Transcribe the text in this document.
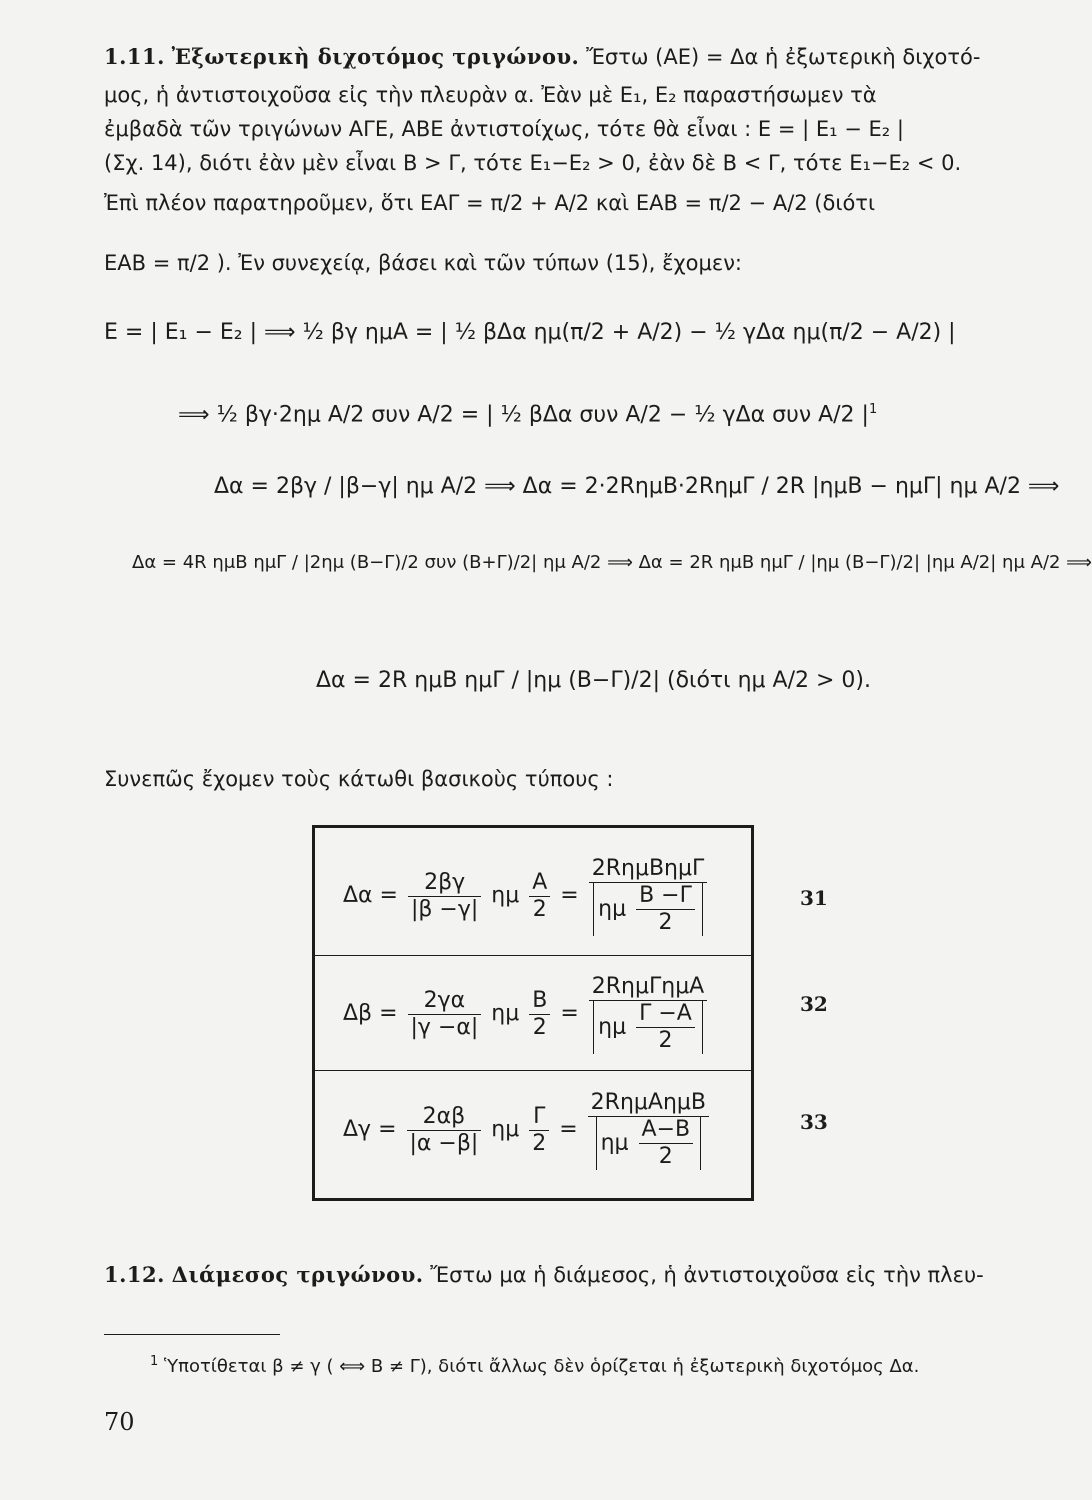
1.11. Ἐξωτερικὴ διχοτόμος τριγώνου. Ἔστω (ΑΕ) = Δα ἡ ἐξωτερικὴ διχοτό-
μος, ἡ ἀντιστοιχοῦσα εἰς τὴν πλευρὰν α. Ἐὰν μὲ Ε₁, Ε₂ παραστήσωμεν τὰ
ἐμβαδὰ τῶν τριγώνων ΑΓΕ, ΑΒΕ ἀντιστοίχως, τότε θὰ εἶναι : Ε = | Ε₁ − Ε₂ |
(Σχ. 14), διότι ἐὰν μὲν εἶναι Β > Γ, τότε Ε₁−Ε₂ > 0, ἐὰν δὲ Β < Γ, τότε Ε₁−Ε₂ < 0.
Ἐπὶ πλέον παρατηροῦμεν, ὅτι ΕΑΓ = π/2 + Α/2 καὶ ΕΑΒ = π/2 − Α/2 (διότι
ΕΑΒ = π/2 ). Ἐν συνεχείᾳ, βάσει καὶ τῶν τύπων (15), ἔχομεν:
Ε = | Ε₁ − Ε₂ | ⟹ ½ βγ ημΑ = | ½ βΔα ημ(π/2 + Α/2) − ½ γΔα ημ(π/2 − Α/2) |
⟹ ½ βγ·2ημ Α/2 συν Α/2 = | ½ βΔα συν Α/2 − ½ γΔα συν Α/2 $|^1$
Δα = 2βγ / |β−γ| ημ Α/2 ⟹ Δα = 2·2RημΒ·2RημΓ / 2R |ημΒ − ημΓ| ημ Α/2 ⟹
Δα = 4R ημΒ ημΓ / |2ημ (Β−Γ)/2 συν (Β+Γ)/2| ημ Α/2 ⟹ Δα = 2R ημΒ ημΓ / |ημ (Β−Γ)/2| |ημ Α/2| ημ Α/2 ⟹
Δα = 2R ημΒ ημΓ / |ημ (Β−Γ)/2| (διότι ημ Α/2 > 0).
Συνεπῶς ἔχομεν τοὺς κάτωθι βασικοὺς τύπους :
$\Delta\alpha = \frac{2\beta\gamma}{|\beta -\gamma|}$ ημ $\frac{A}{2} = \frac{\text{2RημΒημΓ}}{\eta\mu \frac{B -\Gamma}{2}}$
$\Delta\beta = \frac{2\gamma\alpha}{|\gamma -\alpha|}$ ημ $\frac{B}{2} = \frac{\text{2RημΓημΑ}}{\eta\mu \frac{\Gamma -A}{2}}$
$\Delta\gamma = \frac{2\alpha\beta}{|\alpha -\beta|}$ ημ $\frac{\Gamma}{2} = \frac{\text{2RημΑημΒ}}{\eta\mu \frac{A-B}{2}}$
31
32
33
1.12. Διάμεσος τριγώνου. Ἔστω μα ἡ διάμεσος, ἡ ἀντιστοιχοῦσα εἰς τὴν πλευ-
$^1$ Ὑποτίθεται β ≠ γ ( ⟺ Β ≠ Γ), διότι ἄλλως δὲν ὁρίζεται ἡ ἐξωτερικὴ διχοτόμος Δα.
70
